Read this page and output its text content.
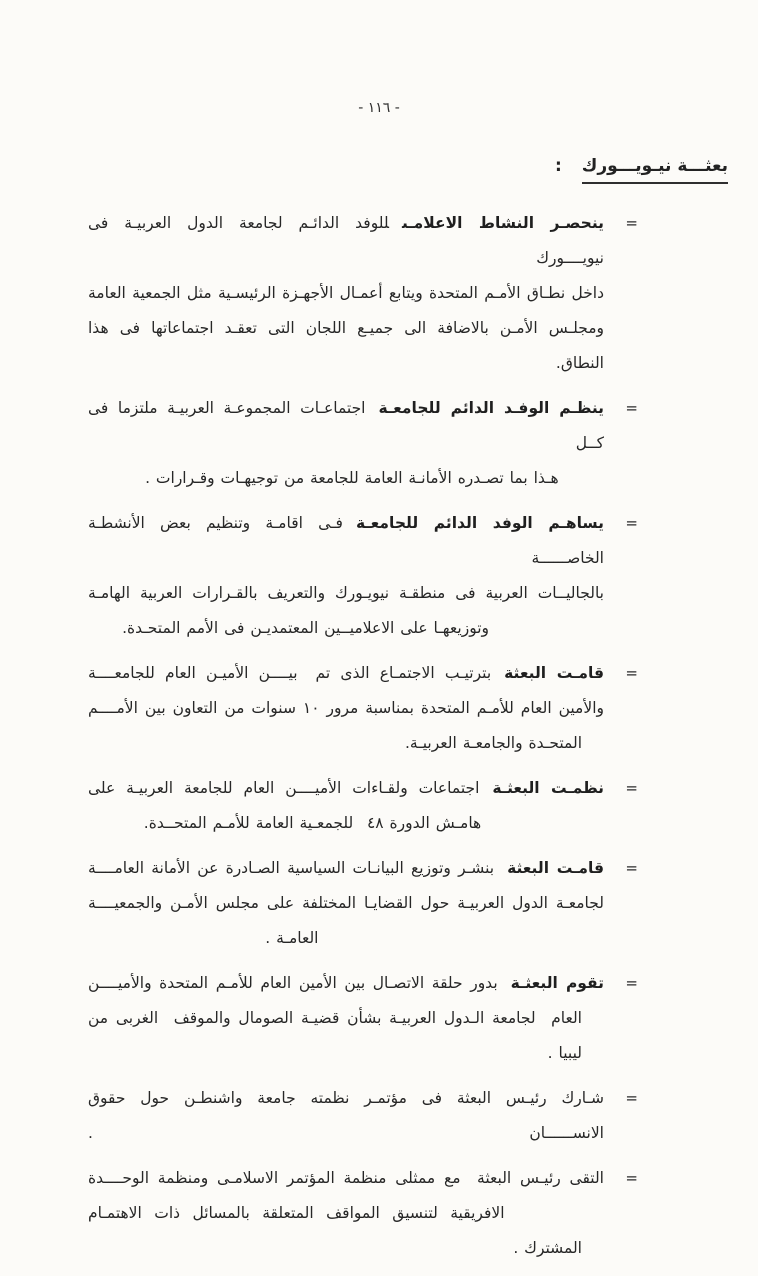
- ١١٦ -
بعثـــة نيـويـــورك:
=
ينحصـر النشاط الاعلامـىللوفد الدائـم لجامعة الدول العربيـة فى نيويــــورك
داخل نطـاق الأمـم المتحدة ويتابع أعمـال الأجهـزة الرئيسـية مثل الجمعية العامة
ومجلـس الأمـن بالاضافة الى جميـع اللجان التى تعقـد اجتماعاتها فى هذا النطاق.
=
ينظـم الوفـد الدائم للجامعـةاجتماعـات المجموعـة العربيـة ملتزما فى كــل
  هـذا بما تصـدره الأمانـة العامة للجامعة من توجيهـات وقـرارات .
=
يساهـم الوفد الدائم للجامعـةفـى اقامـة وتنظيم بعض الأنشطـة الخاصــــــة
بالجاليــات العربية فى منطقـة نيويـورك والتعريف بالقـرارات العربية الهامـة
      وتوزيعهـا على الاعلاميــين المعتمديـن فى الأمم المتحـدة.
=
قامـت البعثةبترتيـب الاجتمـاع الذى تم  بيــــن الأميـن العام للجامعــــة
والأمين العام للأمـم المتحدة بمناسبة مرور ١٠ سنوات من التعاون بين الأمــــم
المتحـدة والجامعـة العربيـة.
=
نظمـت البعثـةاجتماعات ولقـاءات الأميــــن العام للجامعة العربيـة على
       هامـش الدورة ٤٨  للجمعـية العامة للأمـم المتحــدة.
=
قامـت البعثةبنشـر وتوزيع البيانـات السياسية الصـادرة عن الأمانة العامــــة
لجامعـة الدول العربيـة حول القضايـا المختلفة على مجلس الأمـن والجمعيــــة
                 العامـة .
=
تقوم البعثـةبدور حلقة الاتصـال بين الأمين العام للأمـم المتحدة والأميــــن
العام  لجامعة الـدول العربيـة بشأن قضيـة الصومال والموقف  الغربى من ليبيا .
=
شـارك رئيـس البعثة فى مؤتمـر نظمته جامعة واشنطـن حول حقوق الانســــــان .
=
التقى رئيـس البعثة  مع ممثلى منظمة المؤتمر الاسلامـى ومنظمة الوحــــدة
     الافريقية لتنسيق المواقف المتعلقة بالمسائل ذات الاهتمـام المشترك .
